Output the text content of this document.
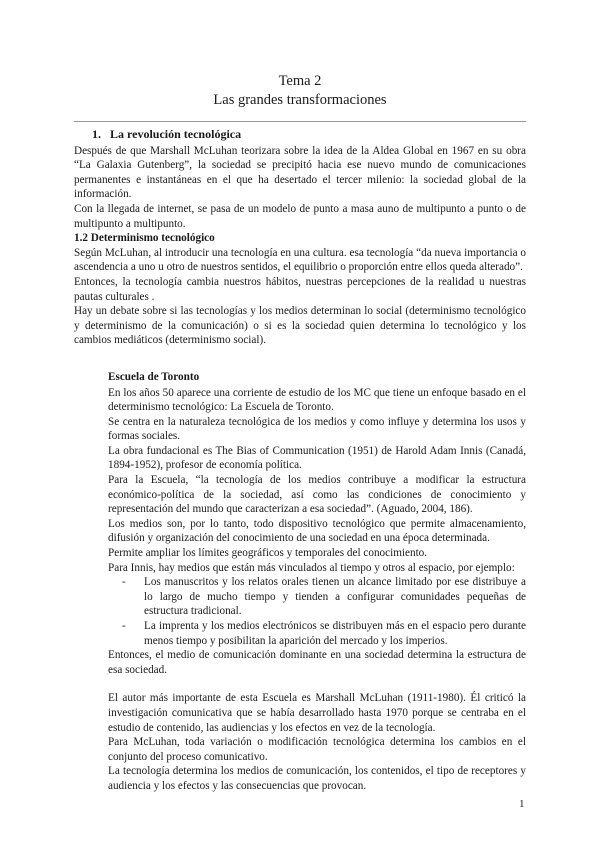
Tema 2
Las grandes transformaciones

1. La revolución tecnológica

Después de que Marshall McLuhan teorizara sobre la idea de la Aldea Global en 1967 en su obra “La Galaxia Gutenberg”, la sociedad se precipitó hacia ese nuevo mundo de comunicaciones permanentes e instantáneas en el que ha desertado el tercer milenio: la sociedad global de la información.

Con la llegada de internet, se pasa de un modelo de punto a masa auno de multipunto a punto o de multipunto a multipunto.

1.2 Determinismo tecnológico

Según McLuhan, al introducir una tecnología en una cultura. esa tecnología “da nueva importancia o ascendencia a uno u otro de nuestros sentidos, el equilibrio o proporción entre ellos queda alterado”.

Entonces, la tecnología cambia nuestros hábitos, nuestras percepciones de la realidad u nuestras pautas culturales .

Hay un debate sobre si las tecnologías y los medios determinan lo social (determinismo tecnológico y determinismo de la comunicación) o si es la sociedad quien determina lo tecnológico y los cambios mediáticos (determinismo social).

Escuela de Toronto

En los años 50 aparece una corriente de estudio de los MC que tiene un enfoque basado en el determinismo tecnológico: La Escuela de Toronto.

Se centra en la naturaleza tecnológica de los medios y como influye y determina los usos y formas sociales.

La obra fundacional es The Bias of Communication (1951) de Harold Adam Innis (Canadá, 1894-1952), profesor de economía política.

Para la Escuela, “la tecnología de los medios contribuye a modificar la estructura económico-política de la sociedad, así como las condiciones de conocimiento y representación del mundo que caracterizan a esa sociedad”. (Aguado, 2004, 186).

Los medios son, por lo tanto, todo dispositivo tecnológico que permite almacenamiento, difusión y organización del conocimiento de una sociedad en una época determinada.

Permite ampliar los límites geográficos y temporales del conocimiento.

Para Innis, hay medios que están más vinculados al tiempo y otros al espacio, por ejemplo:

- Los manuscritos y los relatos orales tienen un alcance limitado por ese distribuye a lo largo de mucho tiempo y tienden a configurar comunidades pequeñas de estructura tradicional.
- La imprenta y los medios electrónicos se distribuyen más en el espacio pero durante menos tiempo y posibilitan la aparición del mercado y los imperios.

Entonces, el medio de comunicación dominante en una sociedad determina la estructura de esa sociedad.

El autor más importante de esta Escuela es Marshall McLuhan (1911-1980). Él criticó la investigación comunicativa que se había desarrollado hasta 1970 porque se centraba en el estudio de contenido, las audiencias y los efectos en vez de la tecnología.

Para McLuhan, toda variación o modificación tecnológica determina los cambios en el conjunto del proceso comunicativo.

La tecnología determina los medios de comunicación, los contenidos, el tipo de receptores y audiencia y los efectos y las consecuencias que provocan.

1
